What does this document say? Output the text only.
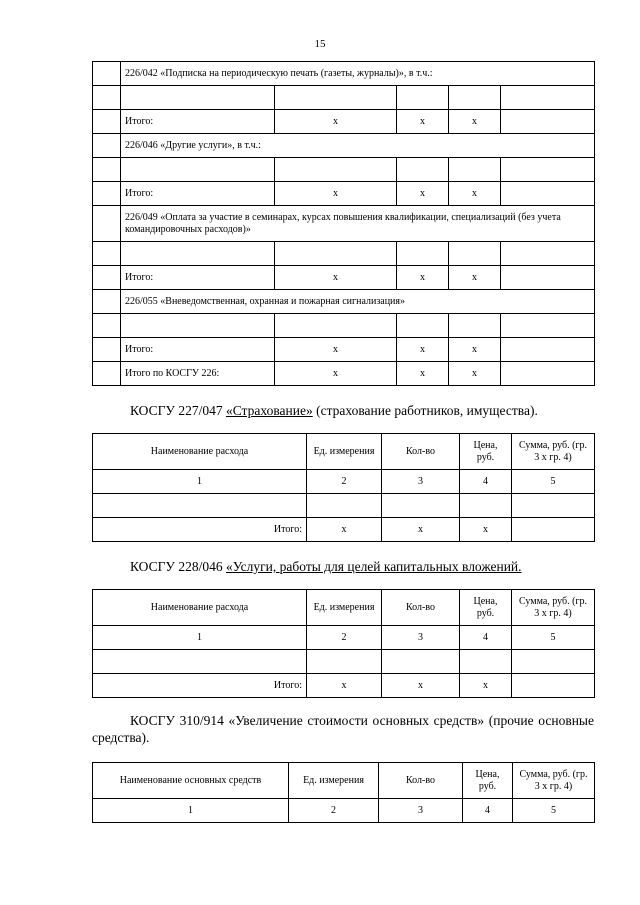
15
	226/042 «Подписка на периодическую печать (газеты, журналы)», в т.ч.:				

	Итого:	х	х	х	
	226/046 «Другие услуги», в т.ч.:				

	Итого:	х	х	х	
	226/049 «Оплата за участие в семинарах, курсах повышения квалификации, специализаций (без учета командировочных расходов)»				

	Итого:	х	х	х	
	226/055 «Вневедомственная, охранная и пожарная сигнализация»				

	Итого:	х	х	х	
	Итого по КОСГУ 226:	х	х	х	
КОСГУ 227/047 «Страхование» (страхование работников, имущества).
Наименование расхода	Ед. измерения	Кол-во	Цена, руб.	Сумма, руб. (гр. 3 х гр. 4)
1	2	3	4	5

Итого:	х	х	х	
КОСГУ 228/046 «Услуги, работы для целей капитальных вложений.
Наименование расхода	Ед. измерения	Кол-во	Цена, руб.	Сумма, руб. (гр. 3 х гр. 4)
1	2	3	4	5

Итого:	х	х	х	
КОСГУ 310/914 «Увеличение стоимости основных средств» (прочие основные средства).
Наименование основных средств	Ед. измерения	Кол-во	Цена, руб.	Сумма, руб. (гр. 3 х гр. 4)
1	2	3	4	5
